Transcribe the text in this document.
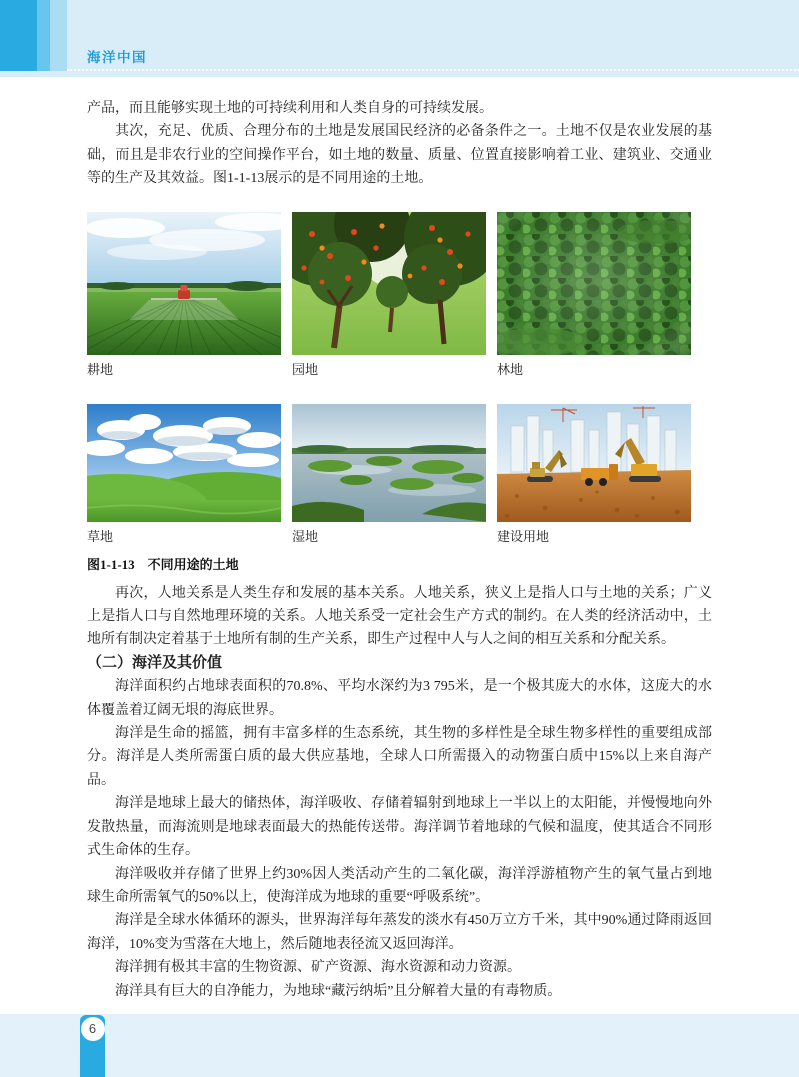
海洋中国

产品，而且能够实现土地的可持续利用和人类自身的可持续发展。

其次，充足、优质、合理分布的土地是发展国民经济的必备条件之一。土地不仅是农业发展的基础，而且是非农行业的空间操作平台，如土地的数量、质量、位置直接影响着工业、建筑业、交通业等的生产及其效益。图1-1-13展示的是不同用途的土地。

耕地	园地	林地
草地	湿地	建设用地
图1-1-13 不同用途的土地

再次，人地关系是人类生存和发展的基本关系。人地关系，狭义上是指人口与土地的关系；广义上是指人口与自然地理环境的关系。人地关系受一定社会生产方式的制约。在人类的经济活动中，土地所有制决定着基于土地所有制的生产关系，即生产过程中人与人之间的相互关系和分配关系。

（二）海洋及其价值

海洋面积约占地球表面积的70.8%、平均水深约为3 795米，是一个极其庞大的水体，这庞大的水体覆盖着辽阔无垠的海底世界。

海洋是生命的摇篮，拥有丰富多样的生态系统，其生物的多样性是全球生物多样性的重要组成部分。海洋是人类所需蛋白质的最大供应基地，全球人口所需摄入的动物蛋白质中15%以上来自海产品。

海洋是地球上最大的储热体，海洋吸收、存储着辐射到地球上一半以上的太阳能，并慢慢地向外发散热量，而海流则是地球表面最大的热能传送带。海洋调节着地球的气候和温度，使其适合不同形式生命体的生存。

海洋吸收并存储了世界上约30%因人类活动产生的二氧化碳，海洋浮游植物产生的氧气量占到地球生命所需氧气的50%以上，使海洋成为地球的重要“呼吸系统”。

海洋是全球水体循环的源头，世界海洋每年蒸发的淡水有450万立方千米，其中90%通过降雨返回海洋，10%变为雪落在大地上，然后随地表径流又返回海洋。

海洋拥有极其丰富的生物资源、矿产资源、海水资源和动力资源。

海洋具有巨大的自净能力，为地球“藏污纳垢”且分解着大量的有毒物质。

6
